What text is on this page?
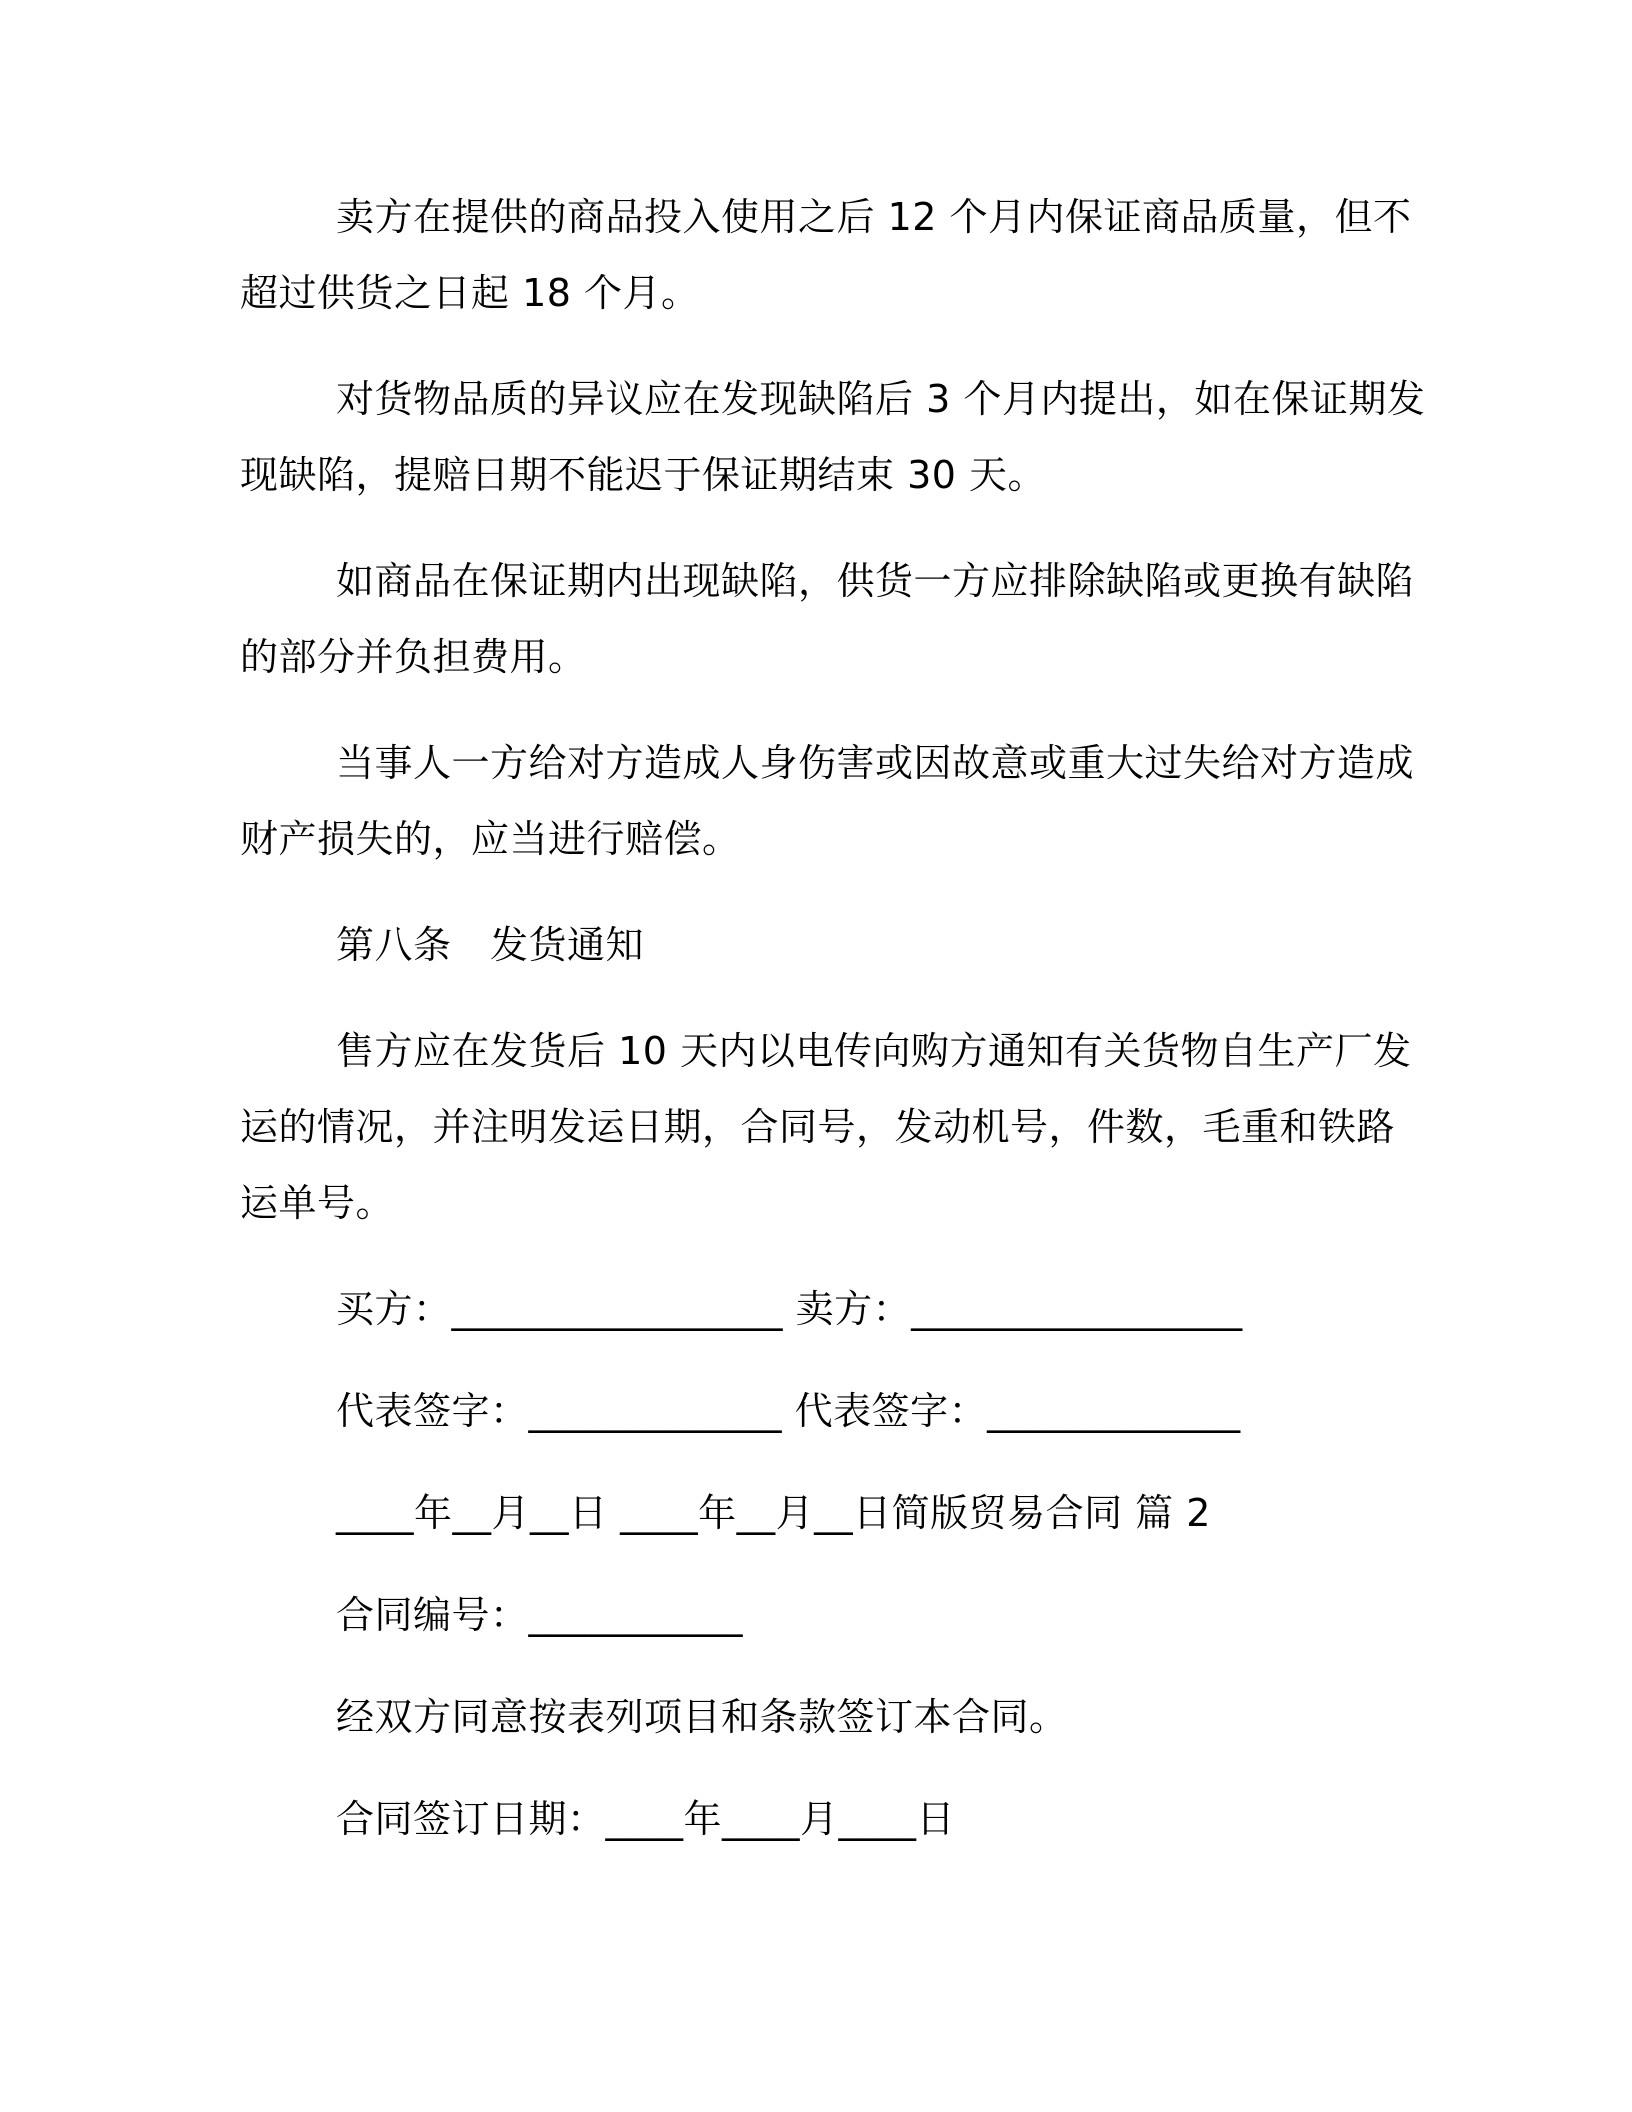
卖方在提供的商品投入使用之后 12 个月内保证商品质量，但不
超过供货之日起 18 个月。
对货物品质的异议应在发现缺陷后 3 个月内提出，如在保证期发
现缺陷，提赔日期不能迟于保证期结束 30 天。
如商品在保证期内出现缺陷，供货一方应排除缺陷或更换有缺陷
的部分并负担费用。
当事人一方给对方造成人身伤害或因故意或重大过失给对方造成
财产损失的，应当进行赔偿。
第八条　发货通知
售方应在发货后 10 天内以电传向购方通知有关货物自生产厂发
运的情况，并注明发运日期，合同号，发动机号，件数，毛重和铁路
运单号。
买方：_________________ 卖方：_________________
代表签字：_____________ 代表签字：_____________
____年__月__日 ____年__月__日简版贸易合同 篇 2
合同编号：___________
经双方同意按表列项目和条款签订本合同。
合同签订日期：____年____月____日
